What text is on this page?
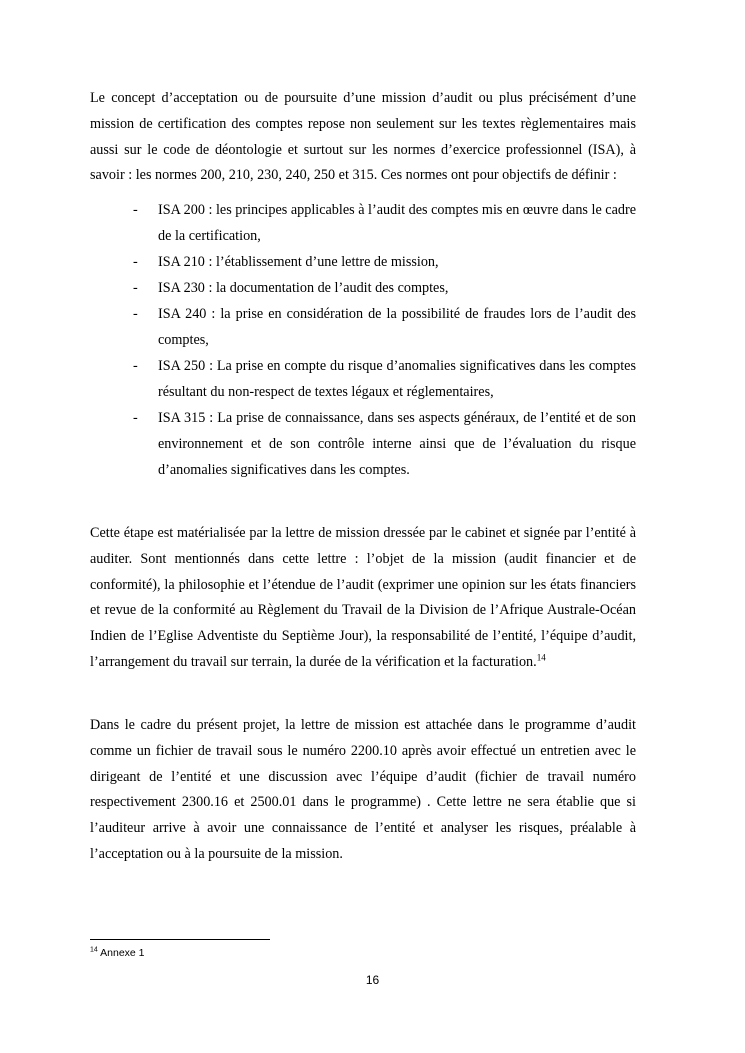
Le concept d’acceptation ou de poursuite d’une mission d’audit ou plus précisément d’une mission de certification des comptes repose non seulement sur les textes règlementaires mais aussi sur le code de déontologie et surtout sur les normes d’exercice professionnel (ISA), à savoir : les normes 200, 210, 230, 240, 250 et 315. Ces normes ont pour objectifs de définir :

- ISA 200 : les principes applicables à l’audit des comptes mis en œuvre dans le cadre de la certification,
- ISA 210 : l’établissement d’une lettre de mission,
- ISA 230 : la documentation de l’audit des comptes,
- ISA 240 : la prise en considération de la possibilité de fraudes lors de l’audit des comptes,
- ISA 250 : La prise en compte du risque d’anomalies significatives dans les comptes résultant du non-respect de textes légaux et réglementaires,
- ISA 315 : La prise de connaissance, dans ses aspects généraux, de l’entité et de son environnement et de son contrôle interne ainsi que de l’évaluation du risque d’anomalies significatives dans les comptes.

Cette étape est matérialisée par la lettre de mission dressée par le cabinet et signée par l’entité à auditer. Sont mentionnés dans cette lettre : l’objet de la mission (audit financier et de conformité), la philosophie et l’étendue de l’audit (exprimer une opinion sur les états financiers et revue de la conformité au Règlement du Travail de la Division de l’Afrique Australe-Océan Indien de l’Eglise Adventiste du Septième Jour), la responsabilité de l’entité, l’équipe d’audit, l’arrangement du travail sur terrain, la durée de la vérification et la facturation.$^{14}$

Dans le cadre du présent projet, la lettre de mission est attachée dans le programme d’audit comme un fichier de travail sous le numéro 2200.10 après avoir effectué un entretien avec le dirigeant de l’entité et une discussion avec l’équipe d’audit (fichier de travail numéro respectivement 2300.16 et 2500.01 dans le programme) . Cette lettre ne sera établie que si l’auditeur arrive à avoir une connaissance de l’entité et analyser les risques, préalable à l’acceptation ou à la poursuite de la mission.

$^{14}$ Annexe 1
16
